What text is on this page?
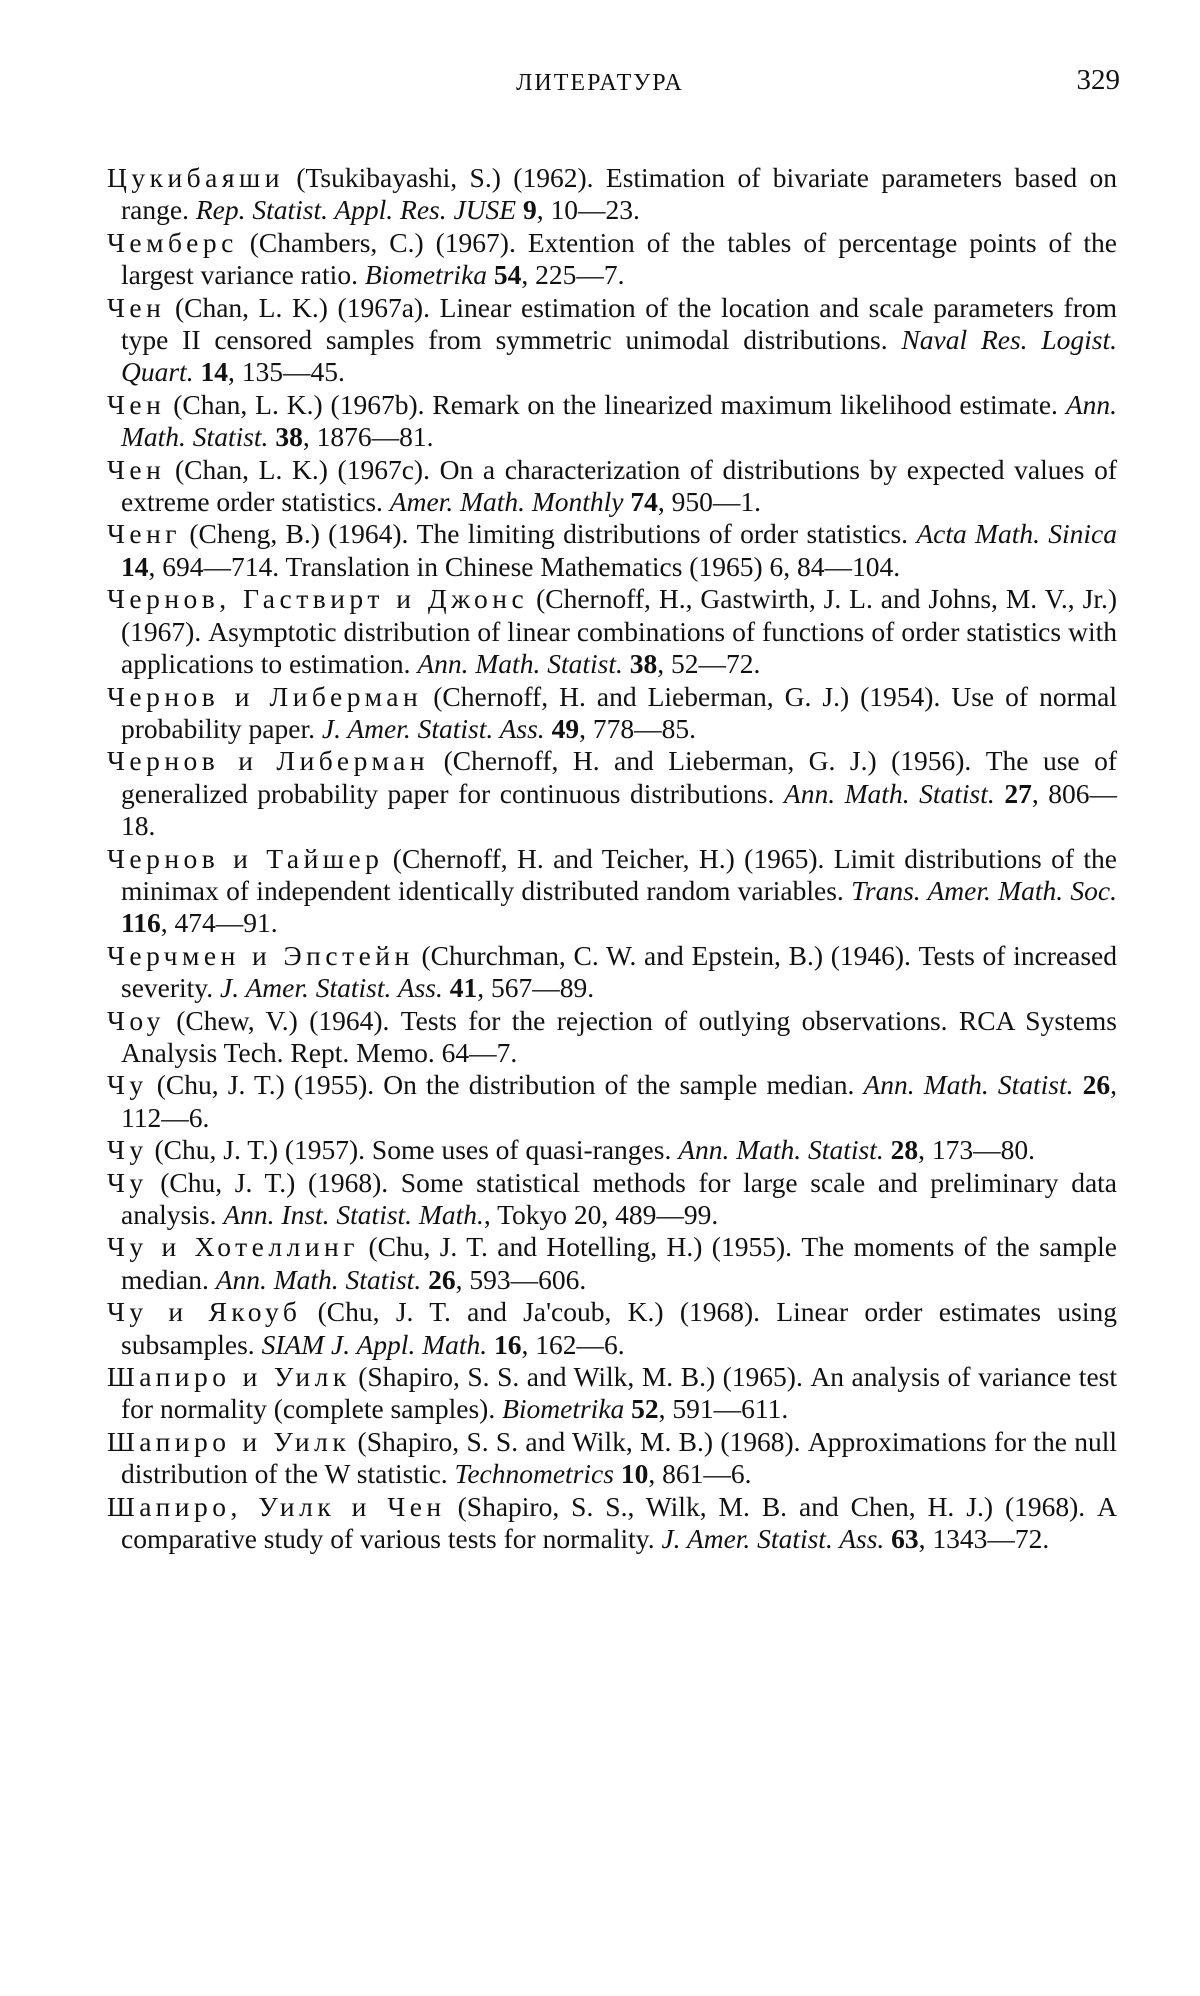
ЛИТЕРАТУРА	329

Цукибаяши (Tsukibayashi, S.) (1962). Estimation of bivariate parameters based on range. Rep. Statist. Appl. Res. JUSE 9, 10—23.

Чемберс (Chambers, C.) (1967). Extention of the tables of percentage points of the largest variance ratio. Biometrika 54, 225—7.

Чен (Chan, L. K.) (1967a). Linear estimation of the location and scale parameters from type II censored samples from symmetric unimodal distributions. Naval Res. Logist. Quart. 14, 135—45.

Чен (Chan, L. K.) (1967b). Remark on the linearized maximum likelihood estimate. Ann. Math. Statist. 38, 1876—81.

Чен (Chan, L. K.) (1967c). On a characterization of distributions by expected values of extreme order statistics. Amer. Math. Monthly 74, 950—1.

Ченг (Cheng, B.) (1964). The limiting distributions of order statistics. Acta Math. Sinica 14, 694—714. Translation in Chinese Mathematics (1965) 6, 84—104.

Чернов, Гаствирт и Джонс (Chernoff, H., Gastwirth, J. L. and Johns, M. V., Jr.) (1967). Asymptotic distribution of linear combinations of functions of order statistics with applications to estimation. Ann. Math. Statist. 38, 52—72.

Чернов и Либерман (Chernoff, H. and Lieberman, G. J.) (1954). Use of normal probability paper. J. Amer. Statist. Ass. 49, 778—85.

Чернов и Либерман (Chernoff, H. and Lieberman, G. J.) (1956). The use of generalized probability paper for continuous distributions. Ann. Math. Statist. 27, 806—18.

Чернов и Тайшер (Chernoff, H. and Teicher, H.) (1965). Limit distributions of the minimax of independent identically distributed random variables. Trans. Amer. Math. Soc. 116, 474—91.

Черчмен и Эпстейн (Churchman, C. W. and Epstein, B.) (1946). Tests of increased severity. J. Amer. Statist. Ass. 41, 567—89.

Чоу (Chew, V.) (1964). Tests for the rejection of outlying observations. RCA Systems Analysis Tech. Rept. Memo. 64—7.

Чу (Chu, J. T.) (1955). On the distribution of the sample median. Ann. Math. Statist. 26, 112—6.

Чу (Chu, J. T.) (1957). Some uses of quasi-ranges. Ann. Math. Statist. 28, 173—80.

Чу (Chu, J. T.) (1968). Some statistical methods for large scale and preliminary data analysis. Ann. Inst. Statist. Math., Tokyo 20, 489—99.

Чу и Хотеллинг (Chu, J. T. and Hotelling, H.) (1955). The moments of the sample median. Ann. Math. Statist. 26, 593—606.

Чу и Якоуб (Chu, J. T. and Ja'coub, K.) (1968). Linear order estimates using subsamples. SIAM J. Appl. Math. 16, 162—6.

Шапиро и Уилк (Shapiro, S. S. and Wilk, M. B.) (1965). An analysis of variance test for normality (complete samples). Biometrika 52, 591—611.

Шапиро и Уилк (Shapiro, S. S. and Wilk, M. B.) (1968). Approximations for the null distribution of the W statistic. Technometrics 10, 861—6.

Шапиро, Уилк и Чен (Shapiro, S. S., Wilk, M. B. and Chen, H. J.) (1968). A comparative study of various tests for normality. J. Amer. Statist. Ass. 63, 1343—72.
